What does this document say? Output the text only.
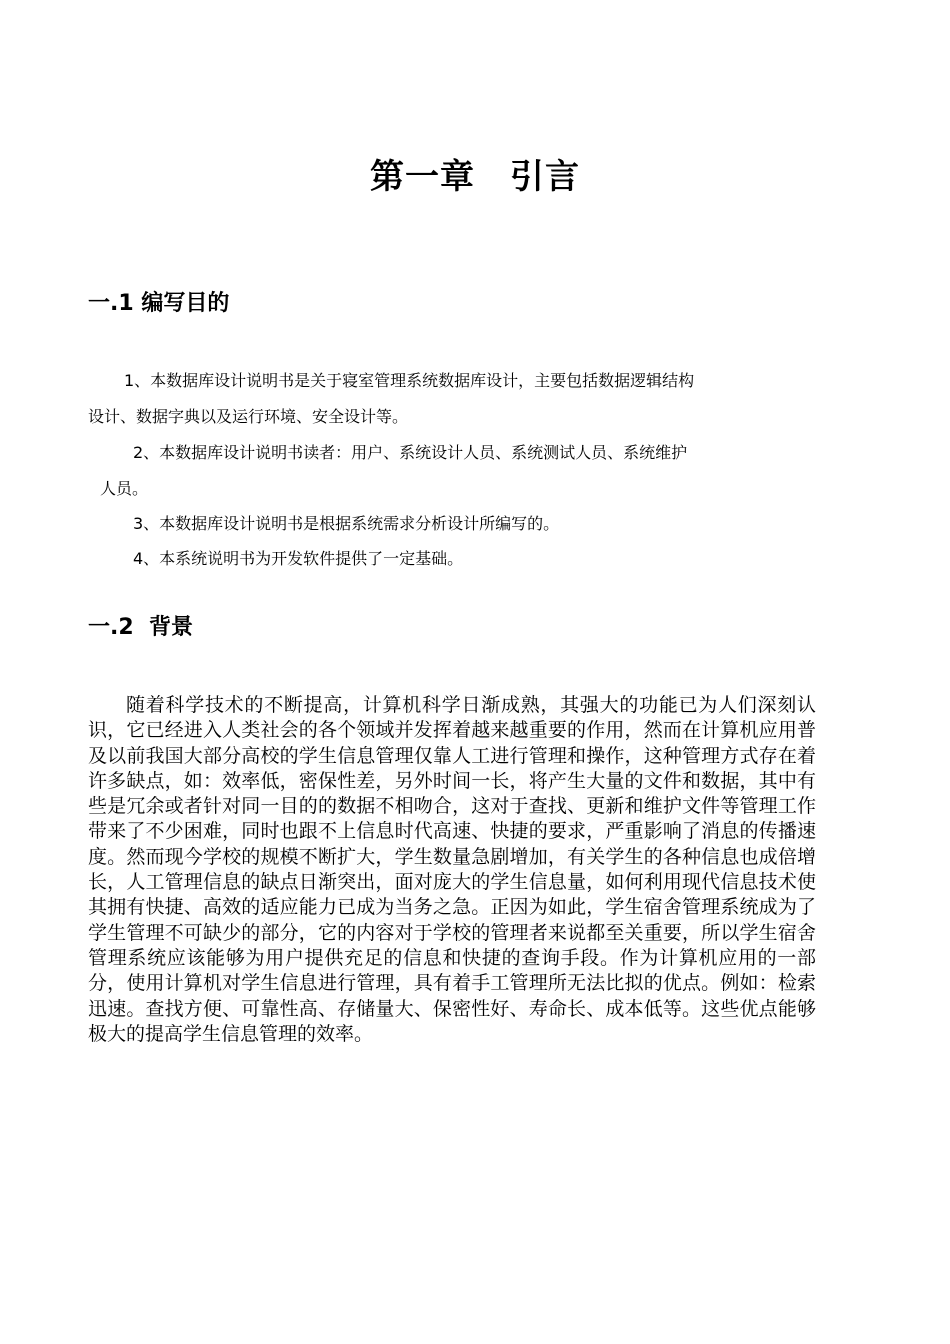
第一章　引言
一.1 编写目的

1、本数据库设计说明书是关于寝室管理系统数据库设计，主要包括数据逻辑结构

设计、数据字典以及运行环境、安全设计等。

2、本数据库设计说明书读者：用户、系统设计人员、系统测试人员、系统维护

人员。

3、本数据库设计说明书是根据系统需求分析设计所编写的。

4、本系统说明书为开发软件提供了一定基础。

一.2  背景

随着科学技术的不断提高，计算机科学日渐成熟，其强大的功能已为人们深刻认识，它已经进入人类社会的各个领域并发挥着越来越重要的作用，然而在计算机应用普及以前我国大部分高校的学生信息管理仅靠人工进行管理和操作，这种管理方式存在着许多缺点，如：效率低，密保性差，另外时间一长，将产生大量的文件和数据，其中有些是冗余或者针对同一目的的数据不相吻合，这对于查找、更新和维护文件等管理工作带来了不少困难，同时也跟不上信息时代高速、快捷的要求，严重影响了消息的传播速度。然而现今学校的规模不断扩大，学生数量急剧增加，有关学生的各种信息也成倍增长，人工管理信息的缺点日渐突出，面对庞大的学生信息量，如何利用现代信息技术使其拥有快捷、高效的适应能力已成为当务之急。正因为如此，学生宿舍管理系统成为了学生管理不可缺少的部分，它的内容对于学校的管理者来说都至关重要，所以学生宿舍管理系统应该能够为用户提供充足的信息和快捷的查询手段。作为计算机应用的一部分，使用计算机对学生信息进行管理，具有着手工管理所无法比拟的优点。例如：检索迅速。查找方便、可靠性高、存储量大、保密性好、寿命长、成本低等。这些优点能够极大的提高学生信息管理的效率。
